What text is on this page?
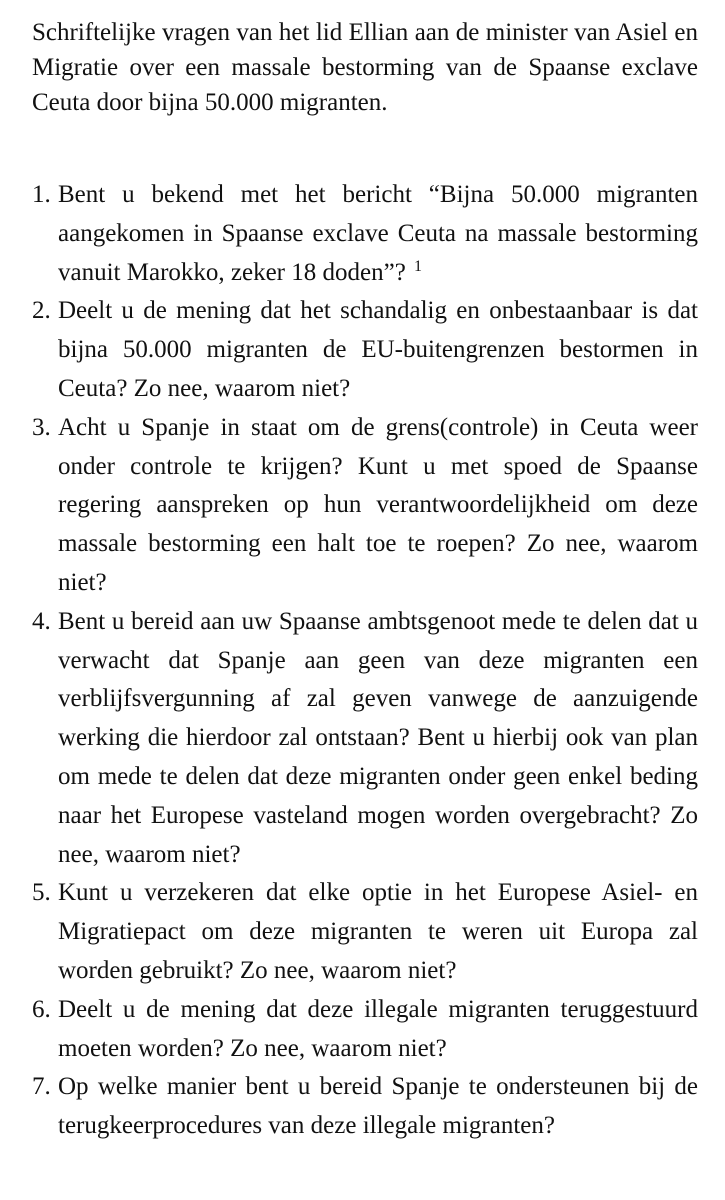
Schriftelijke vragen van het lid Ellian aan de minister van Asiel en Migratie over een massale bestorming van de Spaanse exclave Ceuta door bijna 50.000 migranten.

1. Bent u bekend met het bericht “Bijna 50.000 migranten aangekomen in Spaanse exclave Ceuta na massale bestorming vanuit Marokko, zeker 18 doden”? $^1$
2. Deelt u de mening dat het schandalig en onbestaanbaar is dat bijna 50.000 migranten de EU-buitengrenzen bestormen in Ceuta? Zo nee, waarom niet?
3. Acht u Spanje in staat om de grens(controle) in Ceuta weer onder controle te krijgen? Kunt u met spoed de Spaanse regering aanspreken op hun verantwoordelijkheid om deze massale bestorming een halt toe te roepen? Zo nee, waarom niet?
4. Bent u bereid aan uw Spaanse ambtsgenoot mede te delen dat u verwacht dat Spanje aan geen van deze migranten een verblijfsvergunning af zal geven vanwege de aanzuigende werking die hierdoor zal ontstaan? Bent u hierbij ook van plan om mede te delen dat deze migranten onder geen enkel beding naar het Europese vasteland mogen worden overgebracht? Zo nee, waarom niet?
5. Kunt u verzekeren dat elke optie in het Europese Asiel- en Migratiepact om deze migranten te weren uit Europa zal worden gebruikt? Zo nee, waarom niet?
6. Deelt u de mening dat deze illegale migranten teruggestuurd moeten worden? Zo nee, waarom niet?
7. Op welke manier bent u bereid Spanje te ondersteunen bij de terugkeerprocedures van deze illegale migranten?
